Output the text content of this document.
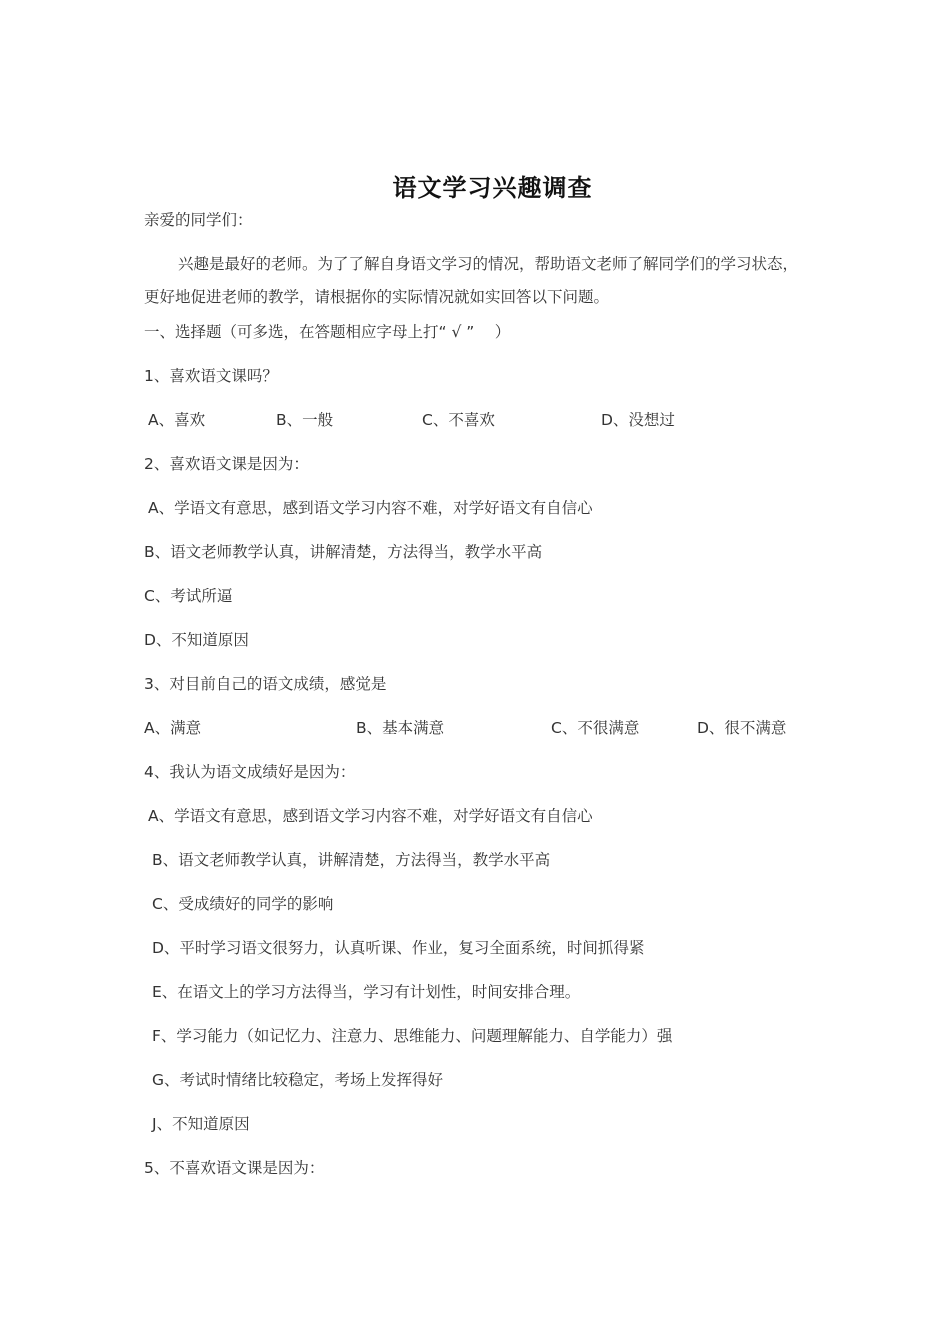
语文学习兴趣调查
亲爱的同学们：
兴趣是最好的老师。为了了解自身语文学习的情况，帮助语文老师了解同学们的学习状态，更好地促进老师的教学，请根据你的实际情况就如实回答以下问题。
一、选择题（可多选，在答题相应字母上打“ √ ”　 ）
1、喜欢语文课吗？
A、喜欢	B、一般	C、不喜欢	D、没想过
2、喜欢语文课是因为：
A、学语文有意思，感到语文学习内容不难，对学好语文有自信心
B、语文老师教学认真，讲解清楚，方法得当，教学水平高
C、考试所逼
D、不知道原因
3、对目前自己的语文成绩，感觉是
A、满意	B、基本满意	C、不很满意	D、很不满意
4、我认为语文成绩好是因为：
A、学语文有意思，感到语文学习内容不难，对学好语文有自信心
B、语文老师教学认真，讲解清楚，方法得当，教学水平高
C、受成绩好的同学的影响
D、平时学习语文很努力，认真听课、作业，复习全面系统，时间抓得紧
E、在语文上的学习方法得当，学习有计划性，时间安排合理。
F、学习能力（如记忆力、注意力、思维能力、问题理解能力、自学能力）强
G、考试时情绪比较稳定，考场上发挥得好
J、不知道原因
5、不喜欢语文课是因为：
